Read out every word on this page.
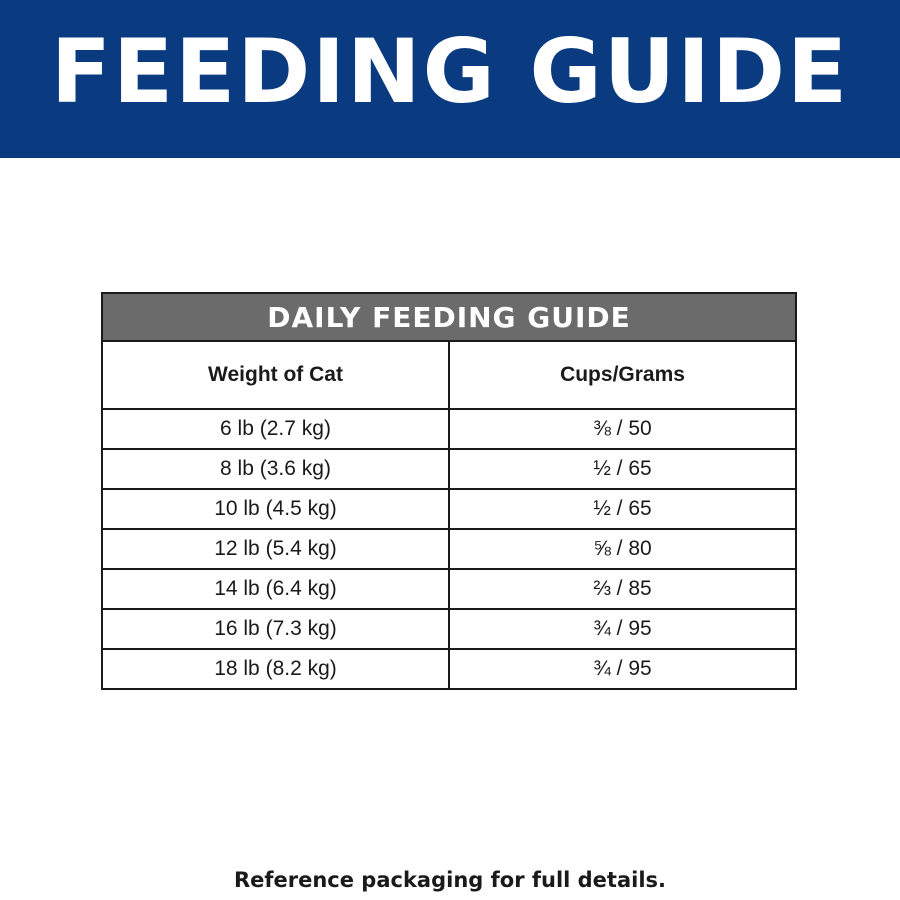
FEEDING GUIDE
DAILY FEEDING GUIDE	
Weight of Cat	Cups/Grams
6 lb (2.7 kg)	⅜ / 50
8 lb (3.6 kg)	½ / 65
10 lb (4.5 kg)	½ / 65
12 lb (5.4 kg)	⅝ / 80
14 lb (6.4 kg)	⅔ / 85
16 lb (7.3 kg)	¾ / 95
18 lb (8.2 kg)	¾ / 95
Reference packaging for full details.
